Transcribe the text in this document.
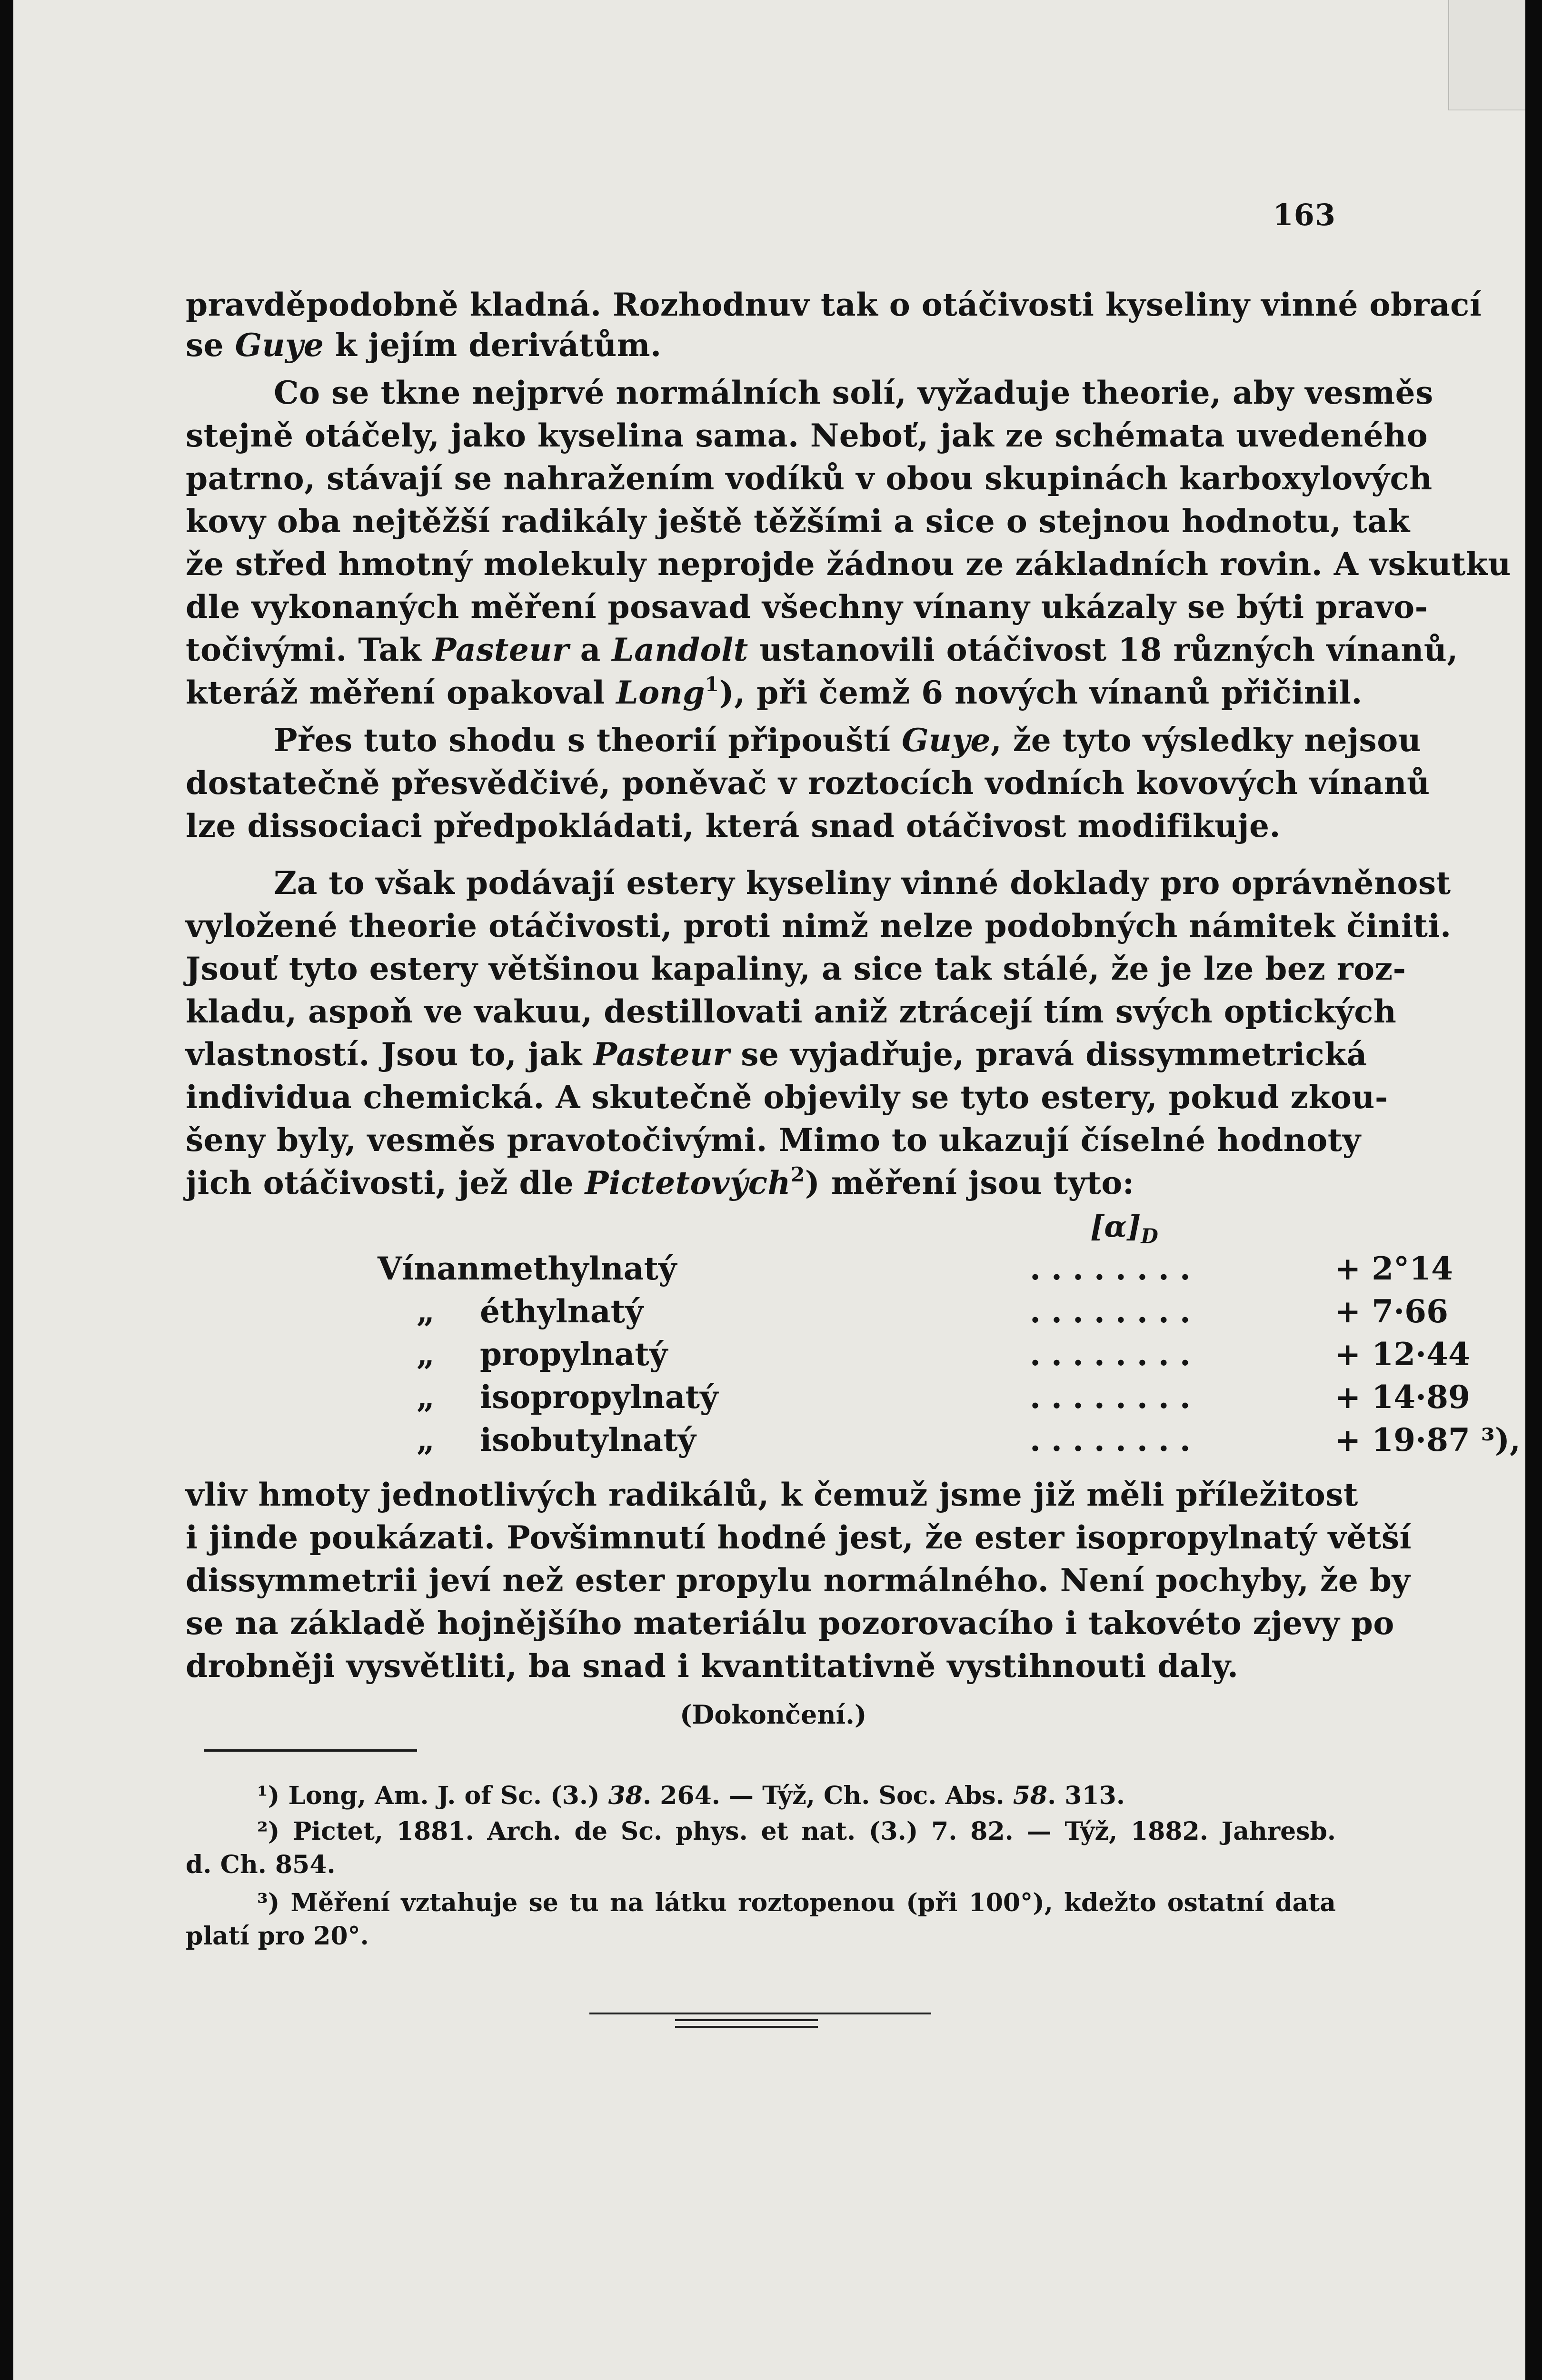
163
pravděpodobně kladná. Rozhodnuv tak o otáčivosti kyseliny vinné obrací
se Guye k jejím derivátům.
Co se tkne nejprvé normálních solí, vyžaduje theorie, aby vesměs
stejně otáčely, jako kyselina sama. Neboť, jak ze schémata uvedeného
patrno, stávají se nahražením vodíků v obou skupinách karboxylových
kovy oba nejtěžší radikály ještě těžšími a sice o stejnou hodnotu, tak
že střed hmotný molekuly neprojde žádnou ze základních rovin. A vskutku
dle vykonaných měření posavad všechny vínany ukázaly se býti pravo-
točivými. Tak Pasteur a Landolt ustanovili otáčivost 18 různých vínanů,
kteráž měření opakoval Long$^1$), při čemž 6 nových vínanů přičinil.
Přes tuto shodu s theorií připouští Guye, že tyto výsledky nejsou
dostatečně přesvědčivé, poněvač v roztocích vodních kovových vínanů
lze dissociaci předpokládati, která snad otáčivost modifikuje.
Za to však podávají estery kyseliny vinné doklady pro oprávněnost
vyložené theorie otáčivosti, proti nimž nelze podobných námitek činiti.
Jsouť tyto estery většinou kapaliny, a sice tak stálé, že je lze bez roz-
kladu, aspoň ve vakuu, destillovati aniž ztrácejí tím svých optických
vlastností. Jsou to, jak Pasteur se vyjadřuje, pravá dissymmetrická
individua chemická. A skutečně objevily se tyto estery, pokud zkou-
šeny byly, vesměs pravotočivými. Mimo to ukazují číselné hodnoty
jich otáčivosti, jež dle Pictetových$^2$) měření jsou tyto:
$[\alpha]_D$
Vínan methylnatý	........	+ 2°14
„ éthylnatý	........	+ 7·66
„ propylnatý	........	+ 12·44
„ isopropylnatý	........	+ 14·89
„ isobutylnatý	........	+ 19·87 ³),
vliv hmoty jednotlivých radikálů, k čemuž jsme již měli příležitost
i jinde poukázati. Povšimnutí hodné jest, že ester isopropylnatý větší
dissymmetrii jeví než ester propylu normálného. Není pochyby, že by
se na základě hojnějšího materiálu pozorovacího i takovéto zjevy po
drobněji vysvětliti, ba snad i kvantitativně vystihnouti daly.
(Dokončení.)
¹) Long, Am. J. of Sc. (3.) 38. 264. — Týž, Ch. Soc. Abs. 58. 313.
²) Pictet, 1881. Arch. de Sc. phys. et nat. (3.) 7. 82. — Týž, 1882. Jahresb.
d. Ch. 854.
³) Měření vztahuje se tu na látku roztopenou (při 100°), kdežto ostatní data
platí pro 20°.
